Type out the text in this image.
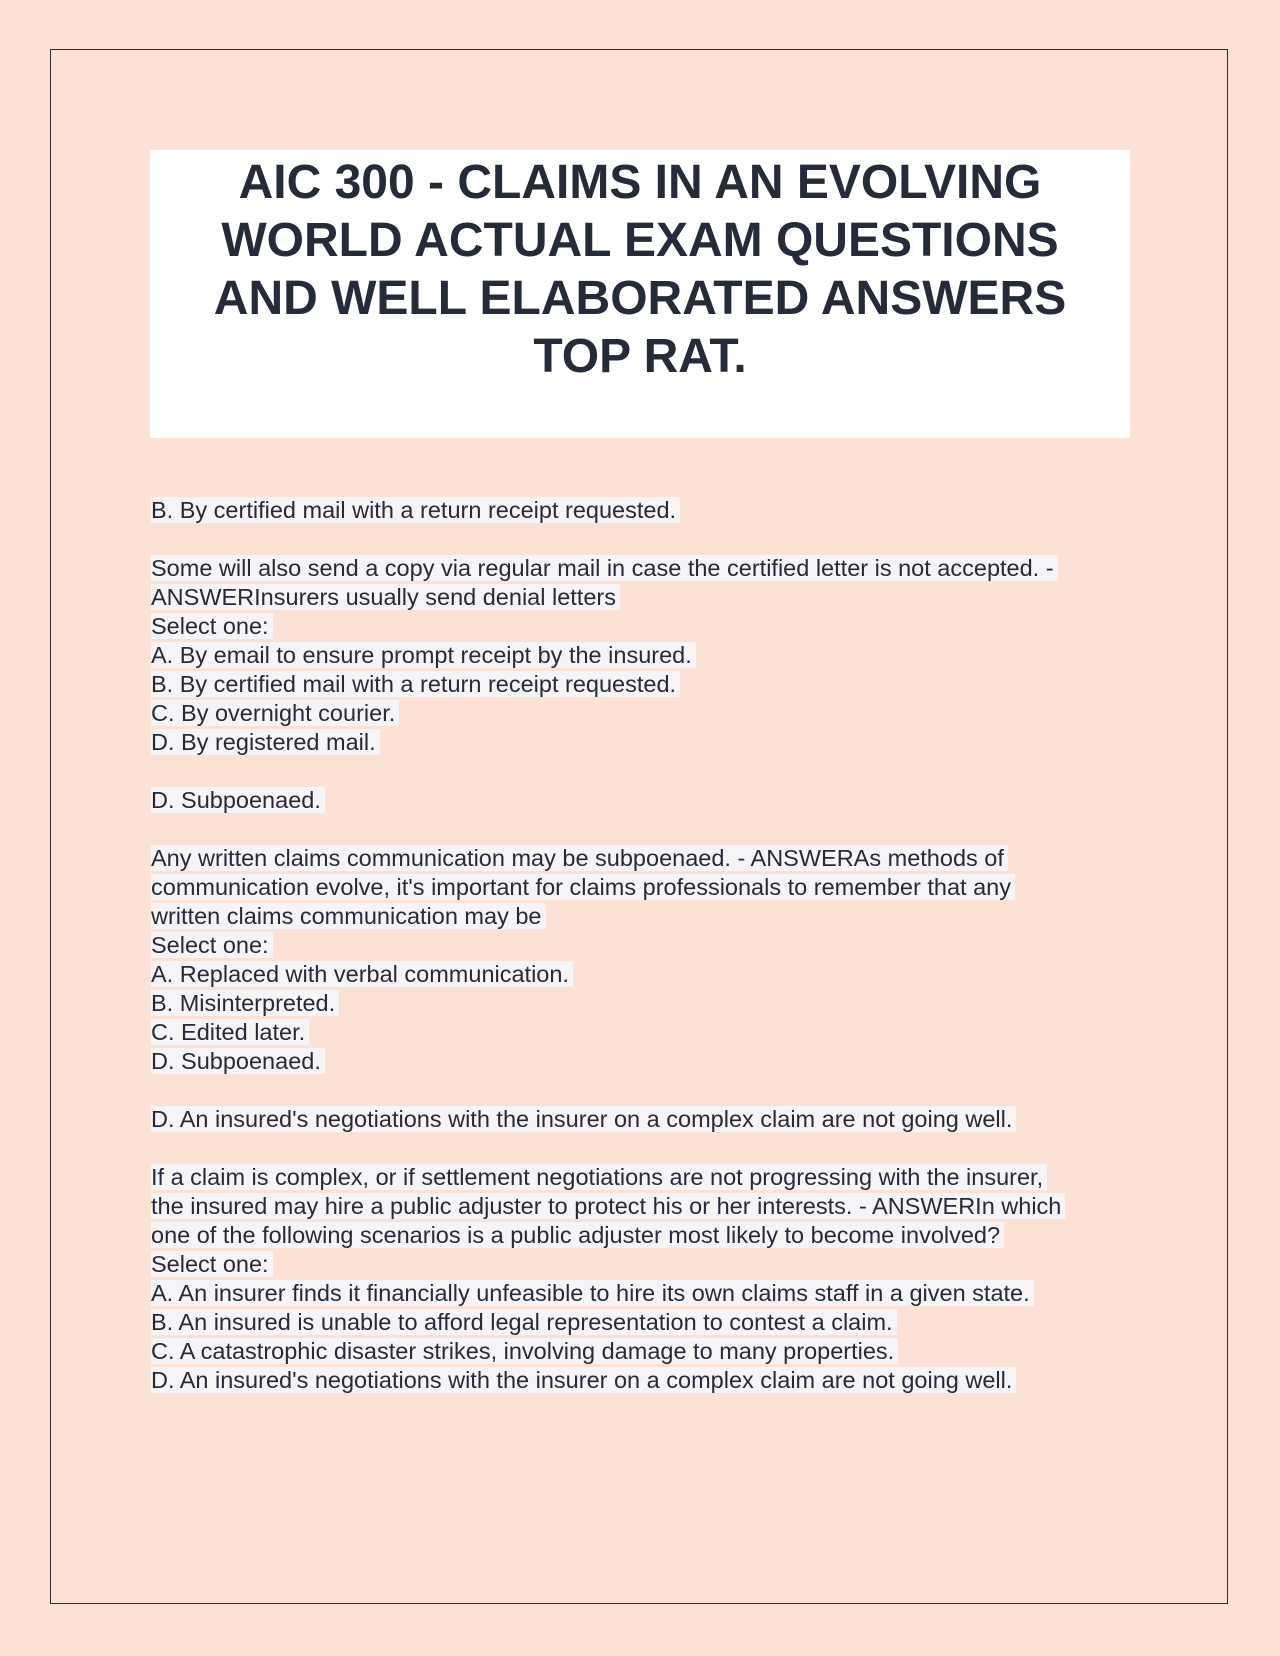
AIC 300 - CLAIMS IN AN EVOLVING
WORLD ACTUAL EXAM QUESTIONS
AND WELL ELABORATED ANSWERS
TOP RAT.
B. By certified mail with a return receipt requested.
Some will also send a copy via regular mail in case the certified letter is not accepted. -
ANSWERInsurers usually send denial letters
Select one:
A. By email to ensure prompt receipt by the insured.
B. By certified mail with a return receipt requested.
C. By overnight courier.
D. By registered mail.
D. Subpoenaed.
Any written claims communication may be subpoenaed. - ANSWERAs methods of
communication evolve, it's important for claims professionals to remember that any
written claims communication may be
Select one:
A. Replaced with verbal communication.
B. Misinterpreted.
C. Edited later.
D. Subpoenaed.
D. An insured's negotiations with the insurer on a complex claim are not going well.
If a claim is complex, or if settlement negotiations are not progressing with the insurer,
the insured may hire a public adjuster to protect his or her interests. - ANSWERIn which
one of the following scenarios is a public adjuster most likely to become involved?
Select one:
A. An insurer finds it financially unfeasible to hire its own claims staff in a given state.
B. An insured is unable to afford legal representation to contest a claim.
C. A catastrophic disaster strikes, involving damage to many properties.
D. An insured's negotiations with the insurer on a complex claim are not going well.
